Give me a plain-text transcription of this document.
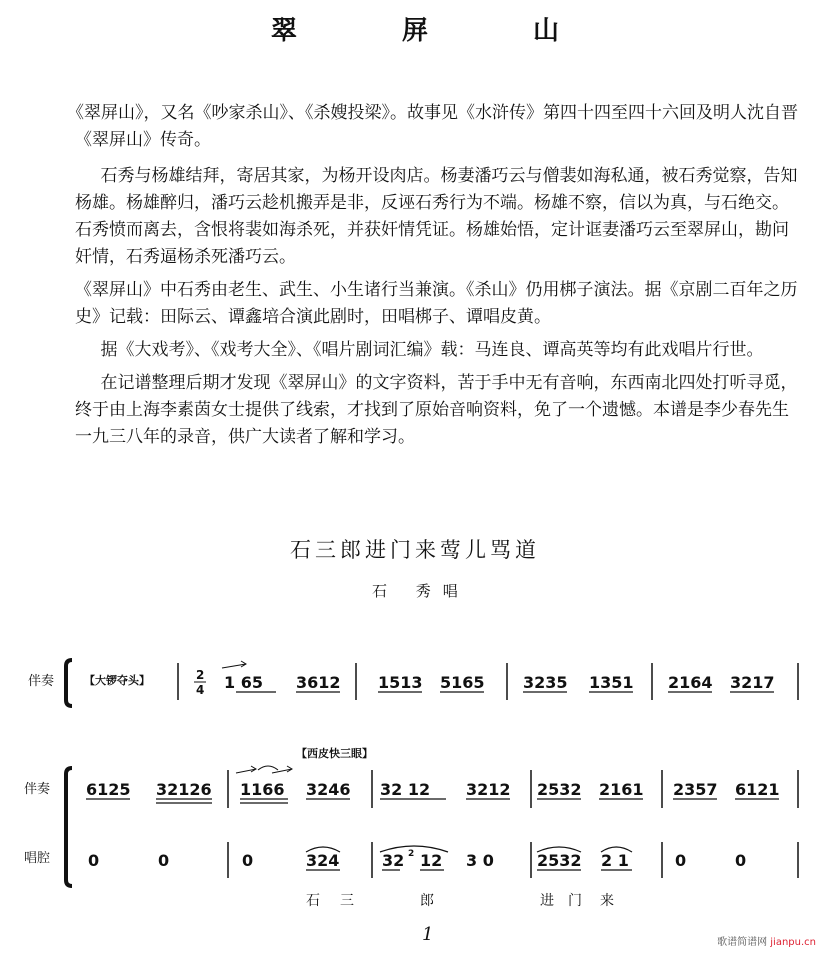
翠 屏 山

《翠屏山》，又名《吵家杀山》、《杀嫂投梁》。故事见《水浒传》第四十四至四十六回及明人沈自晋《翠屏山》传奇。

  石秀与杨雄结拜，寄居其家，为杨开设肉店。杨妻潘巧云与僧裴如海私通，被石秀觉察，告知杨雄。杨雄醉归，潘巧云趁机搬弄是非，反诬石秀行为不端。杨雄不察，信以为真，与石绝交。石秀愤而离去，含恨将裴如海杀死，并获奸情凭证。杨雄始悟，定计诓妻潘巧云至翠屏山，勘问奸情，石秀逼杨杀死潘巧云。

《翠屏山》中石秀由老生、武生、小生诸行当兼演。《杀山》仍用梆子演法。据《京剧二百年之历史》记载：田际云、谭鑫培合演此剧时，田唱梆子、谭唱皮黄。

  据《大戏考》、《戏考大全》、《唱片剧词汇编》载：马连良、谭高英等均有此戏唱片行世。

  在记谱整理后期才发现《翠屏山》的文字资料，苦于手中无有音响，东西南北四处打听寻觅，终于由上海李素茵女士提供了线索，才找到了原始音响资料，免了一个遗憾。本谱是李少春先生一九三八年的录音，供广大读者了解和学习。

石三郎进门来莺儿骂道
石 秀唱
伴奏	【大锣夺头】	2
4 1 65 3612 1513 5165 3235 1351 2164 3217
【西皮快三眼】
伴奏 6125 32126 1166 3246 32 12 3212 2532 2161 2357 6121
唱腔 0	0	0	324	32 2 12 3 0	2532 2 1	0	0
石 三	郎	进 门 来
1	歌谱简谱网 jianpu.cn
